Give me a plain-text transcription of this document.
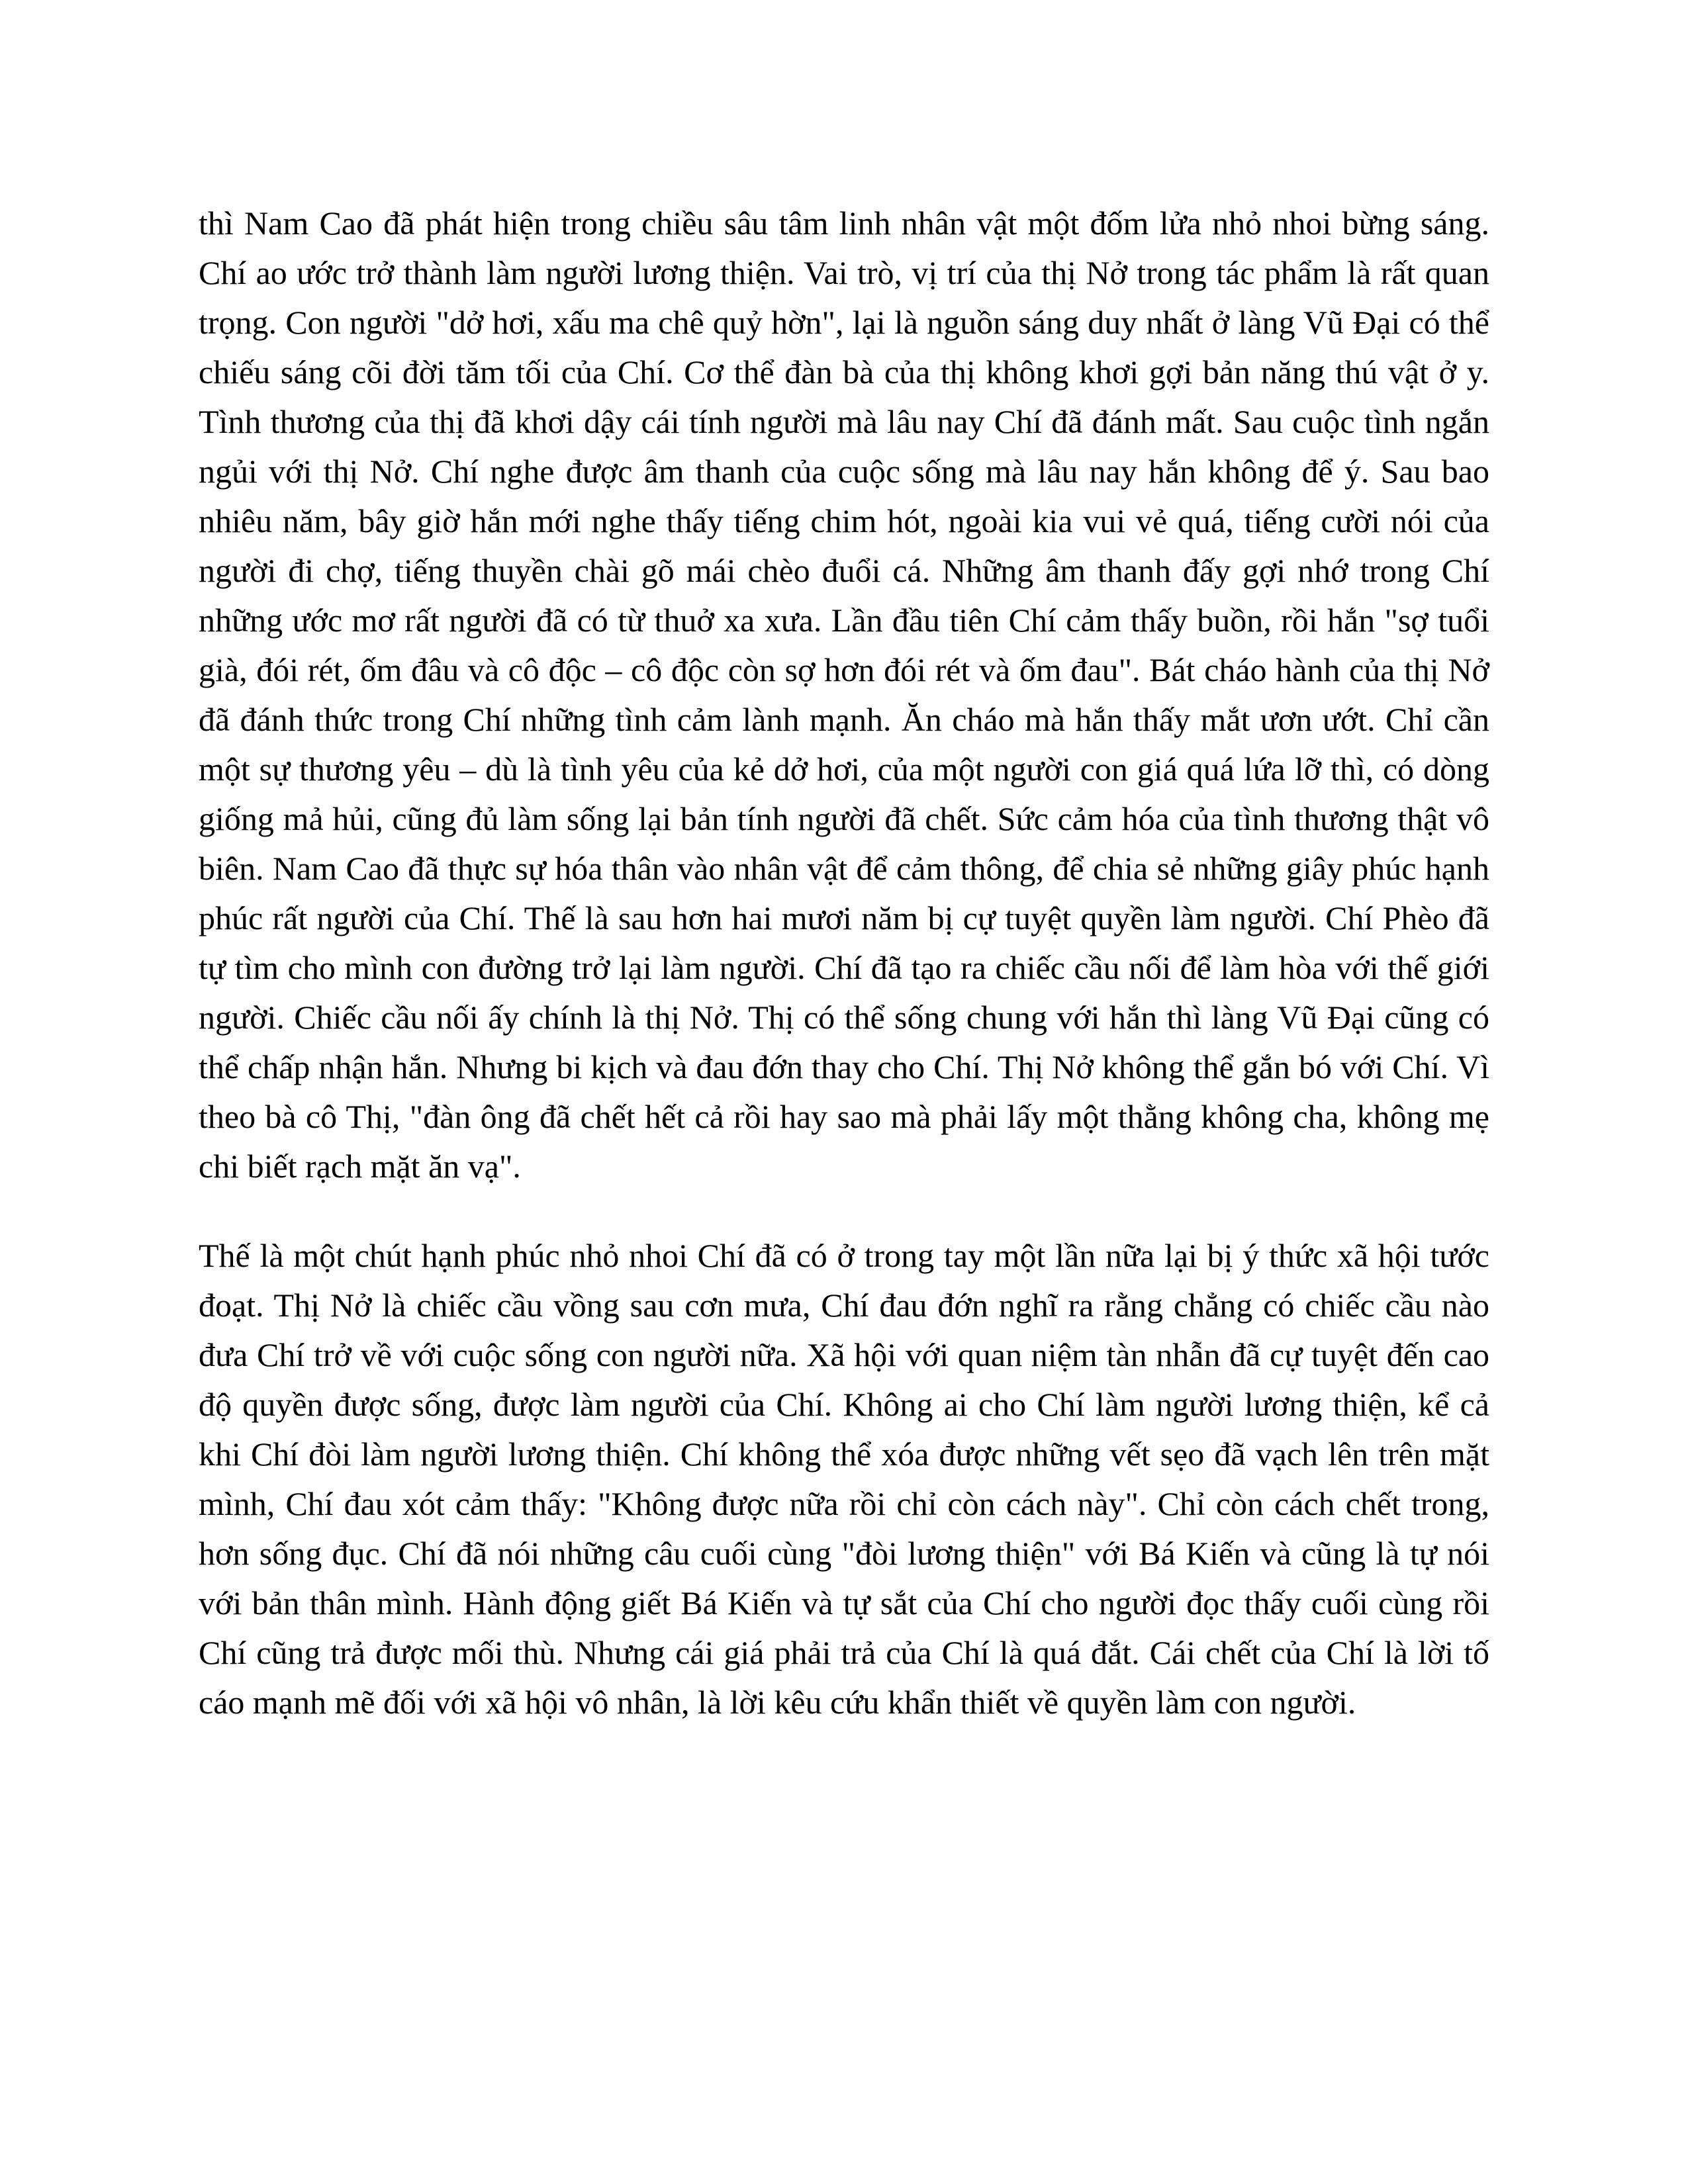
thì Nam Cao đã phát hiện trong chiều sâu tâm linh nhân vật một đốm lửa nhỏ nhoi bừng sáng. Chí ao ước trở thành làm người lương thiện. Vai trò, vị trí của thị Nở trong tác phẩm là rất quan trọng. Con người "dở hơi, xấu ma chê quỷ hờn", lại là nguồn sáng duy nhất ở làng Vũ Đại có thể chiếu sáng cõi đời tăm tối của Chí. Cơ thể đàn bà của thị không khơi gợi bản năng thú vật ở y. Tình thương của thị đã khơi dậy cái tính người mà lâu nay Chí đã đánh mất. Sau cuộc tình ngắn ngủi với thị Nở. Chí nghe được âm thanh của cuộc sống mà lâu nay hắn không để ý. Sau bao nhiêu năm, bây giờ hắn mới nghe thấy tiếng chim hót, ngoài kia vui vẻ quá, tiếng cười nói của người đi chợ, tiếng thuyền chài gõ mái chèo đuổi cá. Những âm thanh đấy gợi nhớ trong Chí những ước mơ rất người đã có từ thuở xa xưa. Lần đầu tiên Chí cảm thấy buồn, rồi hắn "sợ tuổi già, đói rét, ốm đâu và cô độc – cô độc còn sợ hơn đói rét và ốm đau". Bát cháo hành của thị Nở đã đánh thức trong Chí những tình cảm lành mạnh. Ăn cháo mà hắn thấy mắt ươn ướt. Chỉ cần một sự thương yêu – dù là tình yêu của kẻ dở hơi, của một người con giá quá lứa lỡ thì, có dòng giống mả hủi, cũng đủ làm sống lại bản tính người đã chết. Sức cảm hóa của tình thương thật vô biên. Nam Cao đã thực sự hóa thân vào nhân vật để cảm thông, để chia sẻ những giây phúc hạnh phúc rất người của Chí. Thế là sau hơn hai mươi năm bị cự tuyệt quyền làm người. Chí Phèo đã tự tìm cho mình con đường trở lại làm người. Chí đã tạo ra chiếc cầu nối để làm hòa với thế giới người. Chiếc cầu nối ấy chính là thị Nở. Thị có thể sống chung với hắn thì làng Vũ Đại cũng có thể chấp nhận hắn. Nhưng bi kịch và đau đớn thay cho Chí. Thị Nở không thể gắn bó với Chí. Vì theo bà cô Thị, "đàn ông đã chết hết cả rồi hay sao mà phải lấy một thằng không cha, không mẹ chi biết rạch mặt ăn vạ".

Thế là một chút hạnh phúc nhỏ nhoi Chí đã có ở trong tay một lần nữa lại bị ý thức xã hội tước đoạt. Thị Nở là chiếc cầu vồng sau cơn mưa, Chí đau đớn nghĩ ra rằng chẳng có chiếc cầu nào đưa Chí trở về với cuộc sống con người nữa. Xã hội với quan niệm tàn nhẫn đã cự tuyệt đến cao độ quyền được sống, được làm người của Chí. Không ai cho Chí làm người lương thiện, kể cả khi Chí đòi làm người lương thiện. Chí không thể xóa được những vết sẹo đã vạch lên trên mặt mình, Chí đau xót cảm thấy: "Không được nữa rồi chỉ còn cách này". Chỉ còn cách chết trong, hơn sống đục. Chí đã nói những câu cuối cùng "đòi lương thiện" với Bá Kiến và cũng là tự nói với bản thân mình. Hành động giết Bá Kiến và tự sắt của Chí cho người đọc thấy cuối cùng rồi Chí cũng trả được mối thù. Nhưng cái giá phải trả của Chí là quá đắt. Cái chết của Chí là lời tố cáo mạnh mẽ đối với xã hội vô nhân, là lời kêu cứu khẩn thiết về quyền làm con người.
